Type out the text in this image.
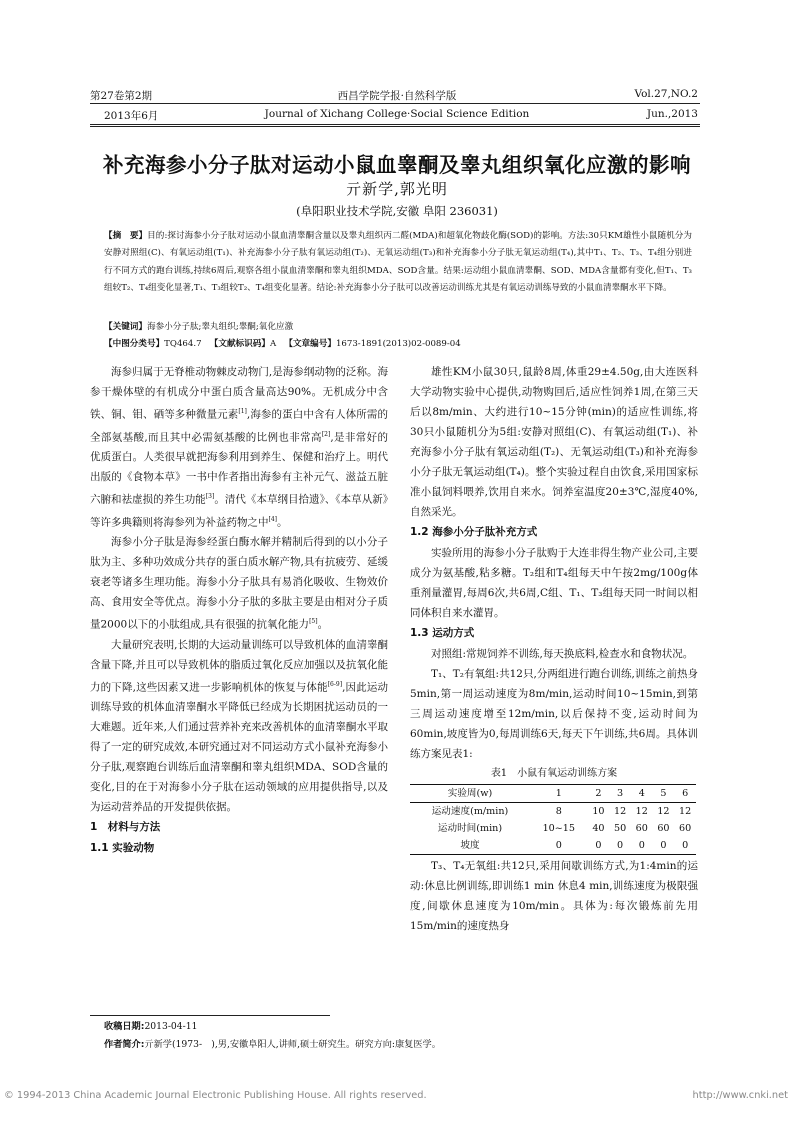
第27卷第2期	西昌学院学报·自然科学版	Vol.27,NO.2
2013年6月	Journal of Xichang College·Social Science Edition	Jun.,2013
补充海参小分子肽对运动小鼠血睾酮及睾丸组织氧化应激的影响
亓新学,郭光明
(阜阳职业技术学院,安徽 阜阳 236031)
【摘　要】目的:探讨海参小分子肽对运动小鼠血清睾酮含量以及睾丸组织丙二醛(MDA)和超氧化物歧化酶(SOD)的影响。方法:30只KM雄性小鼠随机分为安静对照组(C)、有氧运动组(T₁)、补充海参小分子肽有氧运动组(T₂)、无氧运动组(T₃)和补充海参小分子肽无氧运动组(T₄),其中T₁、T₂、T₃、T₄组分别进行不同方式的跑台训练,持续6周后,观察各组小鼠血清睾酮和睾丸组织MDA、SOD含量。结果:运动组小鼠血清睾酮、SOD、MDA含量都有变化,但T₁、T₃组较T₂、T₄组变化显著,T₁、T₃组较T₂、T₄组变化显著。结论:补充海参小分子肽可以改善运动训练尤其是有氧运动训练导致的小鼠血清睾酮水平下降。
【关键词】海参小分子肽;睾丸组织;睾酮;氧化应激
【中图分类号】TQ464.7 【文献标识码】A 【文章编号】1673-1891(2013)02-0089-04

海参归属于无脊椎动物棘皮动物门,是海参纲动物的泛称。海参干燥体壁的有机成分中蛋白质含量高达90%。无机成分中含铁、铜、钼、硒等多种微量元素[1],海参的蛋白中含有人体所需的全部氨基酸,而且其中必需氨基酸的比例也非常高[2],是非常好的优质蛋白。人类很早就把海参利用到养生、保健和治疗上。明代出版的《食物本草》一书中作者指出海参有主补元气、滋益五脏六腑和祛虚损的养生功能[3]。清代《本草纲目拾遗》、《本草从新》等许多典籍则将海参列为补益药物之中[4]。

海参小分子肽是海参经蛋白酶水解并精制后得到的以小分子肽为主、多种功效成分共存的蛋白质水解产物,具有抗疲劳、延缓衰老等诸多生理功能。海参小分子肽具有易消化吸收、生物效价高、食用安全等优点。海参小分子肽的多肽主要是由相对分子质量2000以下的小肽组成,具有很强的抗氧化能力[5]。

大量研究表明,长期的大运动量训练可以导致机体的血清睾酮含量下降,并且可以导致机体的脂质过氧化反应加强以及抗氧化能力的下降,这些因素又进一步影响机体的恢复与体能[6-9],因此运动训练导致的机体血清睾酮水平降低已经成为长期困扰运动员的一大难题。近年来,人们通过营养补充来改善机体的血清睾酮水平取得了一定的研究成效,本研究通过对不同运动方式小鼠补充海参小分子肽,观察跑台训练后血清睾酮和睾丸组织MDA、SOD含量的变化,目的在于对海参小分子肽在运动领域的应用提供指导,以及为运动营养品的开发提供依据。

1　材料与方法
1.1 实验动物

雄性KM小鼠30只,鼠龄8周,体重29±4.50g,由大连医科大学动物实验中心提供,动物购回后,适应性饲养1周,在第三天后以8m/min、大约进行10~15分钟(min)的适应性训练,将30只小鼠随机分为5组:安静对照组(C)、有氧运动组(T₁)、补充海参小分子肽有氧运动组(T₂)、无氧运动组(T₃)和补充海参小分子肽无氧运动组(T₄)。整个实验过程自由饮食,采用国家标准小鼠饲料喂养,饮用自来水。饲养室温度20±3℃,湿度40%,自然采光。

1.2 海参小分子肽补充方式

实验所用的海参小分子肽购于大连非得生物产业公司,主要成分为氨基酸,粘多糖。T₂组和T₄组每天中午按2mg/100g体重剂量灌胃,每周6次,共6周,C组、T₁、T₃组每天同一时间以相同体积自来水灌胃。

1.3 运动方式

对照组:常规饲养不训练,每天换底料,检查水和食物状况。

T₁、T₂有氧组:共12只,分两组进行跑台训练,训练之前热身5min,第一周运动速度为8m/min,运动时间10~15min,到第三周运动速度增至12m/min,以后保持不变,运动时间为60min,坡度皆为0,每周训练6天,每天下午训练,共6周。具体训练方案见表1:

表1　小鼠有氧运动训练方案
实验周(w)	1	2	3	4	5	6
运动速度(m/min)	8	10	12	12	12	12
运动时间(min)	10~15	40	50	60	60	60
坡度	0	0	0	0	0	0

T₃、T₄无氧组:共12只,采用间歇训练方式,为1:4min的运动:休息比例训练,即训练1 min 休息4 min,训练速度为极限强度,间歇休息速度为10m/min。具体为:每次锻炼前先用15m/min的速度热身

收稿日期:2013-04-11
作者简介:亓新学(1973-　),男,安徽阜阳人,讲师,硕士研究生。研究方向:康复医学。
© 1994-2013 China Academic Journal Electronic Publishing House. All rights reserved.	http://www.cnki.net
